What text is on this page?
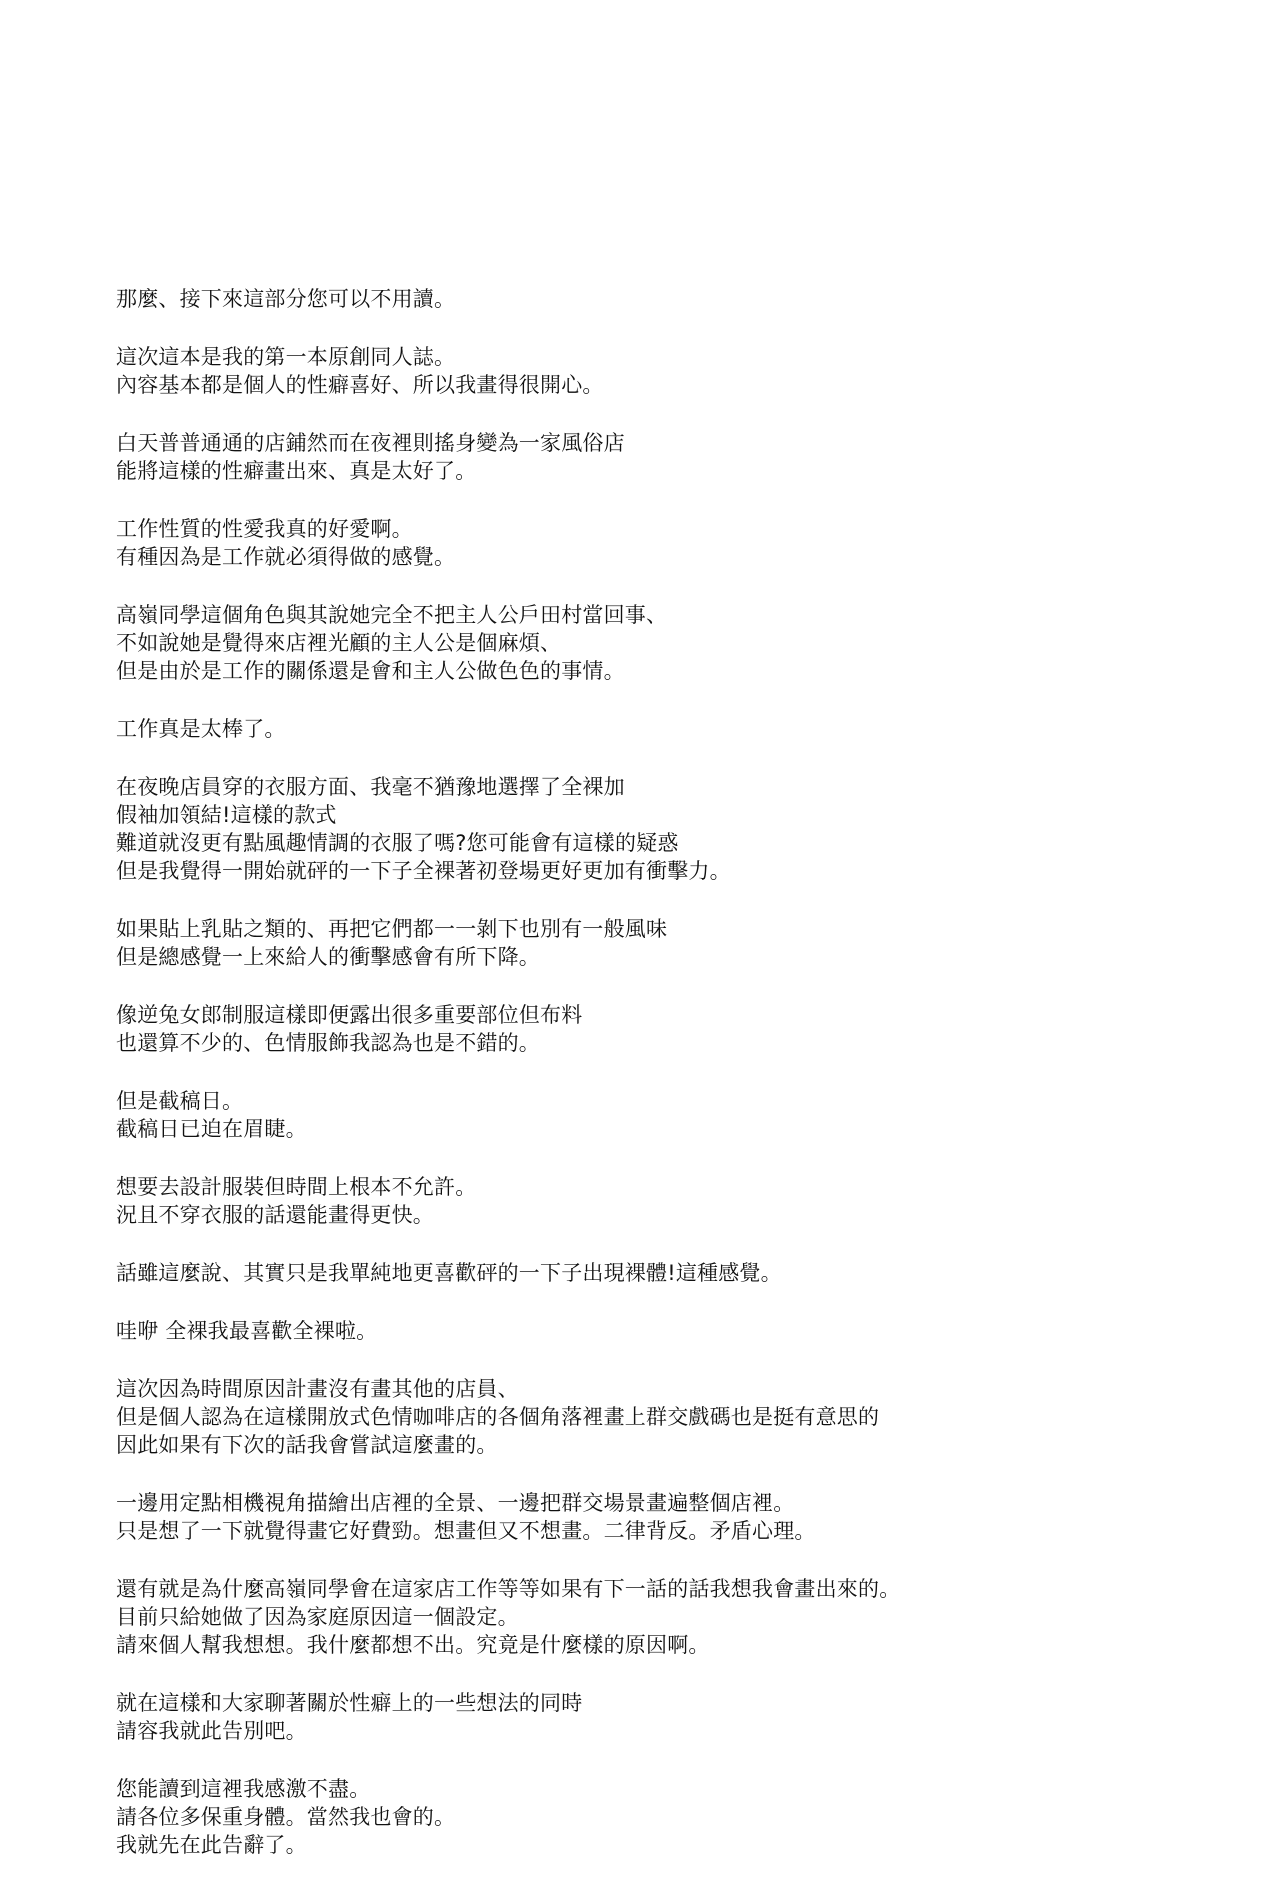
那麼、接下來這部分您可以不用讀。
這次這本是我的第一本原創同人誌。
內容基本都是個人的性癖喜好、所以我畫得很開心。
白天普普通通的店鋪然而在夜裡則搖身變為一家風俗店
能將這樣的性癖畫出來、真是太好了。
工作性質的性愛我真的好愛啊。
有種因為是工作就必須得做的感覺。
高嶺同學這個角色與其說她完全不把主人公戶田村當回事、
不如說她是覺得來店裡光顧的主人公是個麻煩、
但是由於是工作的關係還是會和主人公做色色的事情。
工作真是太棒了。
在夜晚店員穿的衣服方面、我毫不猶豫地選擇了全裸加
假袖加領結!這樣的款式
難道就沒更有點風趣情調的衣服了嗎?您可能會有這樣的疑惑
但是我覺得一開始就砰的一下子全裸著初登場更好更加有衝擊力。
如果貼上乳貼之類的、再把它們都一一剝下也別有一般風味
但是總感覺一上來給人的衝擊感會有所下降。
像逆兔女郎制服這樣即便露出很多重要部位但布料
也還算不少的、色情服飾我認為也是不錯的。
但是截稿日。
截稿日已迫在眉睫。
想要去設計服裝但時間上根本不允許。
況且不穿衣服的話還能畫得更快。
話雖這麼說、其實只是我單純地更喜歡砰的一下子出現裸體!這種感覺。
哇咿 全裸我最喜歡全裸啦。
這次因為時間原因計畫沒有畫其他的店員、
但是個人認為在這樣開放式色情咖啡店的各個角落裡畫上群交戲碼也是挺有意思的
因此如果有下次的話我會嘗試這麼畫的。
一邊用定點相機視角描繪出店裡的全景、一邊把群交場景畫遍整個店裡。
只是想了一下就覺得畫它好費勁。想畫但又不想畫。二律背反。矛盾心理。
還有就是為什麼高嶺同學會在這家店工作等等如果有下一話的話我想我會畫出來的。
目前只給她做了因為家庭原因這一個設定。
請來個人幫我想想。我什麼都想不出。究竟是什麼樣的原因啊。
就在這樣和大家聊著關於性癖上的一些想法的同時
請容我就此告別吧。
您能讀到這裡我感激不盡。
請各位多保重身體。當然我也會的。
我就先在此告辭了。
